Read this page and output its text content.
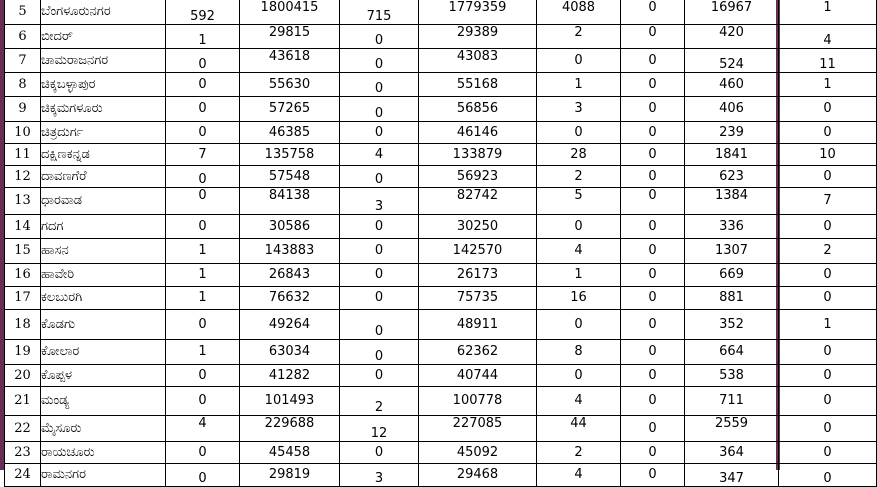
5	ಬೆಂಗಳೂರುನಗರ	592	1800415	715	1779359	4088	0	16967	1
6	ಬೀದರ್	1	29815	0	29389	2	0	420	4
7	ಚಾಮರಾಜನಗರ	0	43618	0	43083	0	0	524	11
8	ಚಿಕ್ಕಬಳ್ಳಾಪುರ	0	55630	0	55168	1	0	460	1
9	ಚಿಕ್ಕಮಗಳೂರು	0	57265	0	56856	3	0	406	0
10	ಚಿತ್ರದುರ್ಗ	0	46385	0	46146	0	0	239	0
11	ದಕ್ಷಿಣಕನ್ನಡ	7	135758	4	133879	28	0	1841	10
12	ದಾವಣಗೆರೆ	0	57548	0	56923	2	0	623	0
13	ಧಾರವಾಡ	0	84138	3	82742	5	0	1384	7
14	ಗದಗ	0	30586	0	30250	0	0	336	0
15	ಹಾಸನ	1	143883	0	142570	4	0	1307	2
16	ಹಾವೇರಿ	1	26843	0	26173	1	0	669	0
17	ಕಲಬುರಗಿ	1	76632	0	75735	16	0	881	0
18	ಕೊಡಗು	0	49264	0	48911	0	0	352	1
19	ಕೋಲಾರ	1	63034	0	62362	8	0	664	0
20	ಕೊಪ್ಪಳ	0	41282	0	40744	0	0	538	0
21	ಮಂಡ್ಯ	0	101493	2	100778	4	0	711	0
22	ಮೈಸೂರು	4	229688	12	227085	44	0	2559	0
23	ರಾಯಚೂರು	0	45458	0	45092	2	0	364	0
24	ರಾಮನಗರ	0	29819	3	29468	4	0	347	0
